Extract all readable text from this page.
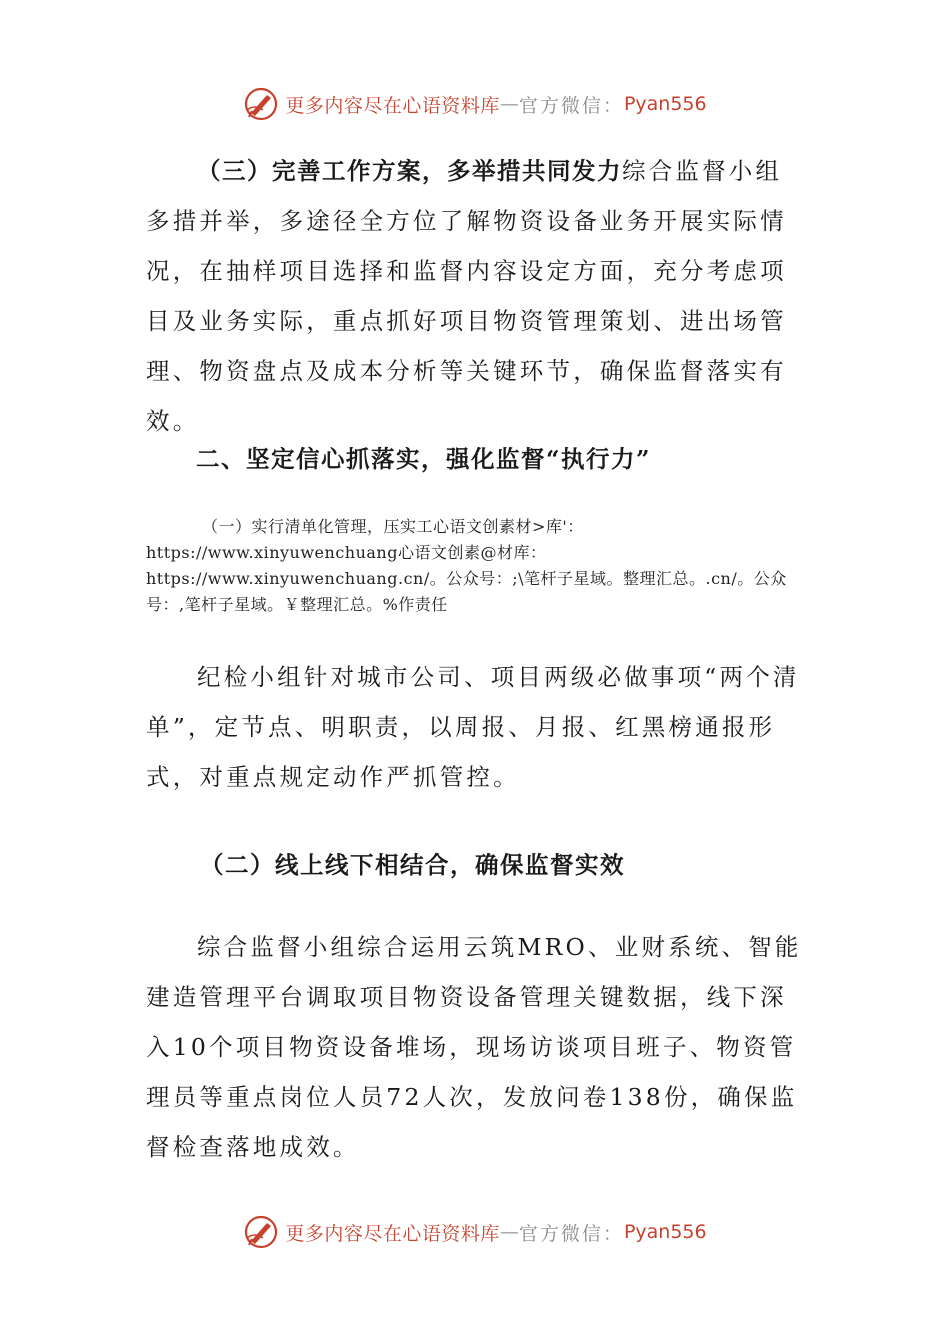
更多内容尽在心语资料库 — 官方微信： Pyan556

（三）完善工作方案，多举措共同发力综合监督小组多措并举，多途径全方位了解物资设备业务开展实际情况，在抽样项目选择和监督内容设定方面，充分考虑项目及业务实际，重点抓好项目物资管理策划、进出场管理、物资盘点及成本分析等关键环节，确保监督落实有效。

二、坚定信心抓落实，强化监督“执行力”

（一）实行清单化管理，压实工心语文创素材>库'：https://www.xinyuwenchuang心语文创素@材库：https://www.xinyuwenchuang.cn/。公众号：;\笔杆子星域。整理汇总。.cn/。公众号：,笔杆子星域。￥整理汇总。%作责任

纪检小组针对城市公司、项目两级必做事项“两个清单”，定节点、明职责，以周报、月报、红黑榜通报形式，对重点规定动作严抓管控。

（二）线上线下相结合，确保监督实效

综合监督小组综合运用云筑MRO、业财系统、智能建造管理平台调取项目物资设备管理关键数据，线下深入10个项目物资设备堆场，现场访谈项目班子、物资管理员等重点岗位人员72人次，发放问卷138份，确保监督检查落地成效。

更多内容尽在心语资料库 — 官方微信： Pyan556
